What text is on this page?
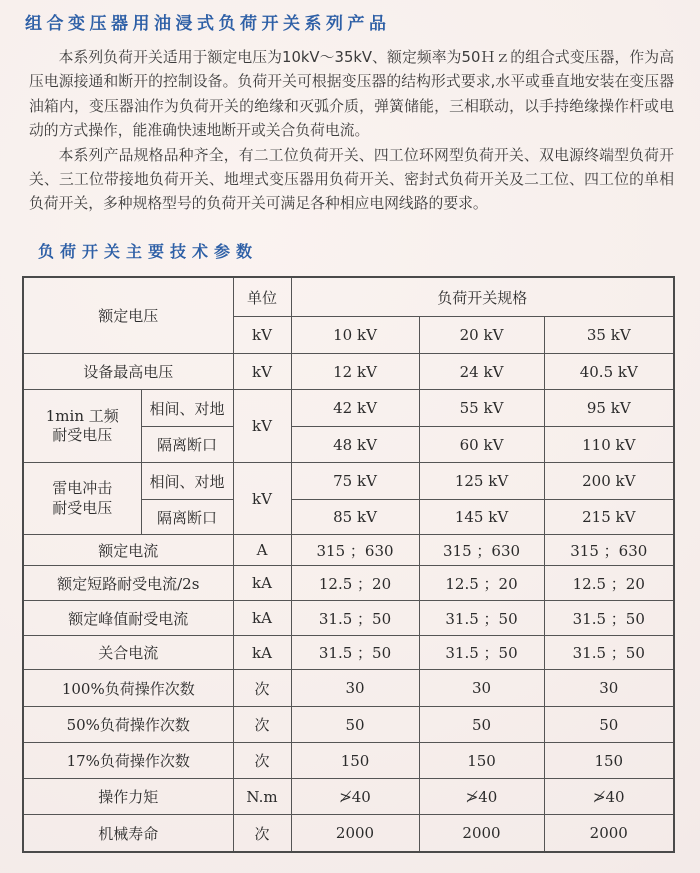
组合变压器用油浸式负荷开关系列产品

本系列负荷开关适用于额定电压为10kV～35kV、额定频率为50Ｈｚ的组合式变压器，作为高压电源接通和断开的控制设备。负荷开关可根据变压器的结构形式要求,水平或垂直地安装在变压器油箱内，变压器油作为负荷开关的绝缘和灭弧介质，弹簧储能，三相联动，以手持绝缘操作杆或电动的方式操作，能准确快速地断开或关合负荷电流。

本系列产品规格品种齐全，有二工位负荷开关、四工位环网型负荷开关、双电源终端型负荷开关、三工位带接地负荷开关、地埋式变压器用负荷开关、密封式负荷开关及二工位、四工位的单相负荷开关，多种规格型号的负荷开关可满足各种相应电网线路的要求。

负荷开关主要技术参数
额定电压		单位	负荷开关规格		
		kV	10 kV	20 kV	35 kV
设备最高电压		kV	12 kV	24 kV	40.5 kV

1min 工频
耐受电压	相间、对地	kV	42 kV	55 kV	95 kV
	隔离断口		48 kV	60 kV	110 kV

雷电冲击
耐受电压	相间、对地	kV	75 kV	125 kV	200 kV
	隔离断口		85 kV	145 kV	215 kV
额定电流		A	315 ；630	315 ；630	315 ；630
额定短路耐受电流/2s		kA	12.5 ；20	12.5 ；20	12.5 ；20
额定峰值耐受电流		kA	31.5 ；50	31.5 ；50	31.5 ；50
关合电流		kA	31.5 ；50	31.5 ；50	31.5 ；50
100%负荷操作次数		次	30	30	30
50%负荷操作次数		次	50	50	50
17%负荷操作次数		次	150	150	150
操作力矩		N.m	≯40	≯40	≯40
机械寿命		次	2000	2000	2000
